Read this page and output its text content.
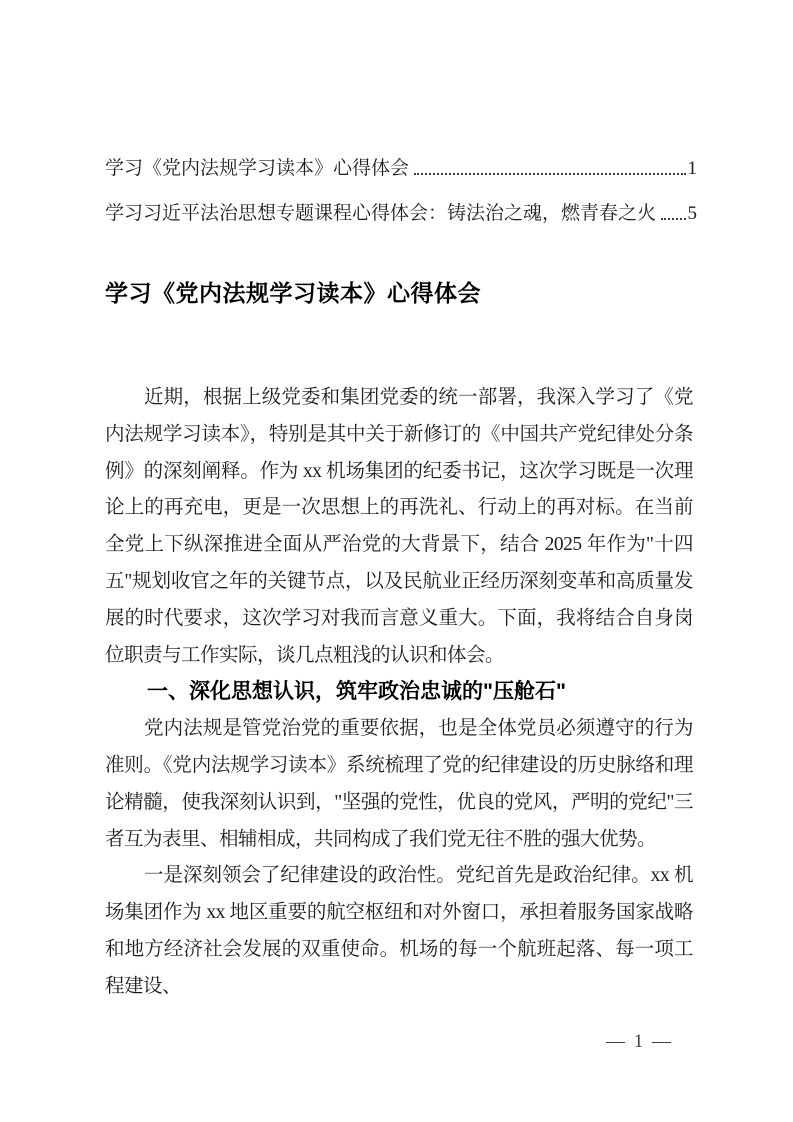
学习《党内法规学习读本》心得体会	1
学习习近平法治思想专题课程心得体会：铸法治之魂，燃青春之火 5
学习《党内法规学习读本》心得体会

近期，根据上级党委和集团党委的统一部署，我深入学习了《党内法规学习读本》，特别是其中关于新修订的《中国共产党纪律处分条例》的深刻阐释。作为 xx 机场集团的纪委书记，这次学习既是一次理论上的再充电，更是一次思想上的再洗礼、行动上的再对标。在当前全党上下纵深推进全面从严治党的大背景下，结合 2025 年作为"十四五"规划收官之年的关键节点，以及民航业正经历深刻变革和高质量发展的时代要求，这次学习对我而言意义重大。下面，我将结合自身岗位职责与工作实际，谈几点粗浅的认识和体会。

一、深化思想认识，筑牢政治忠诚的"压舱石"

党内法规是管党治党的重要依据，也是全体党员必须遵守的行为准则。《党内法规学习读本》系统梳理了党的纪律建设的历史脉络和理论精髓，使我深刻认识到，"坚强的党性，优良的党风，严明的党纪"三者互为表里、相辅相成，共同构成了我们党无往不胜的强大优势。

一是深刻领会了纪律建设的政治性。党纪首先是政治纪律。xx 机场集团作为 xx 地区重要的航空枢纽和对外窗口，承担着服务国家战略和地方经济社会发展的双重使命。机场的每一个航班起落、每一项工程建设、

— 1 —
